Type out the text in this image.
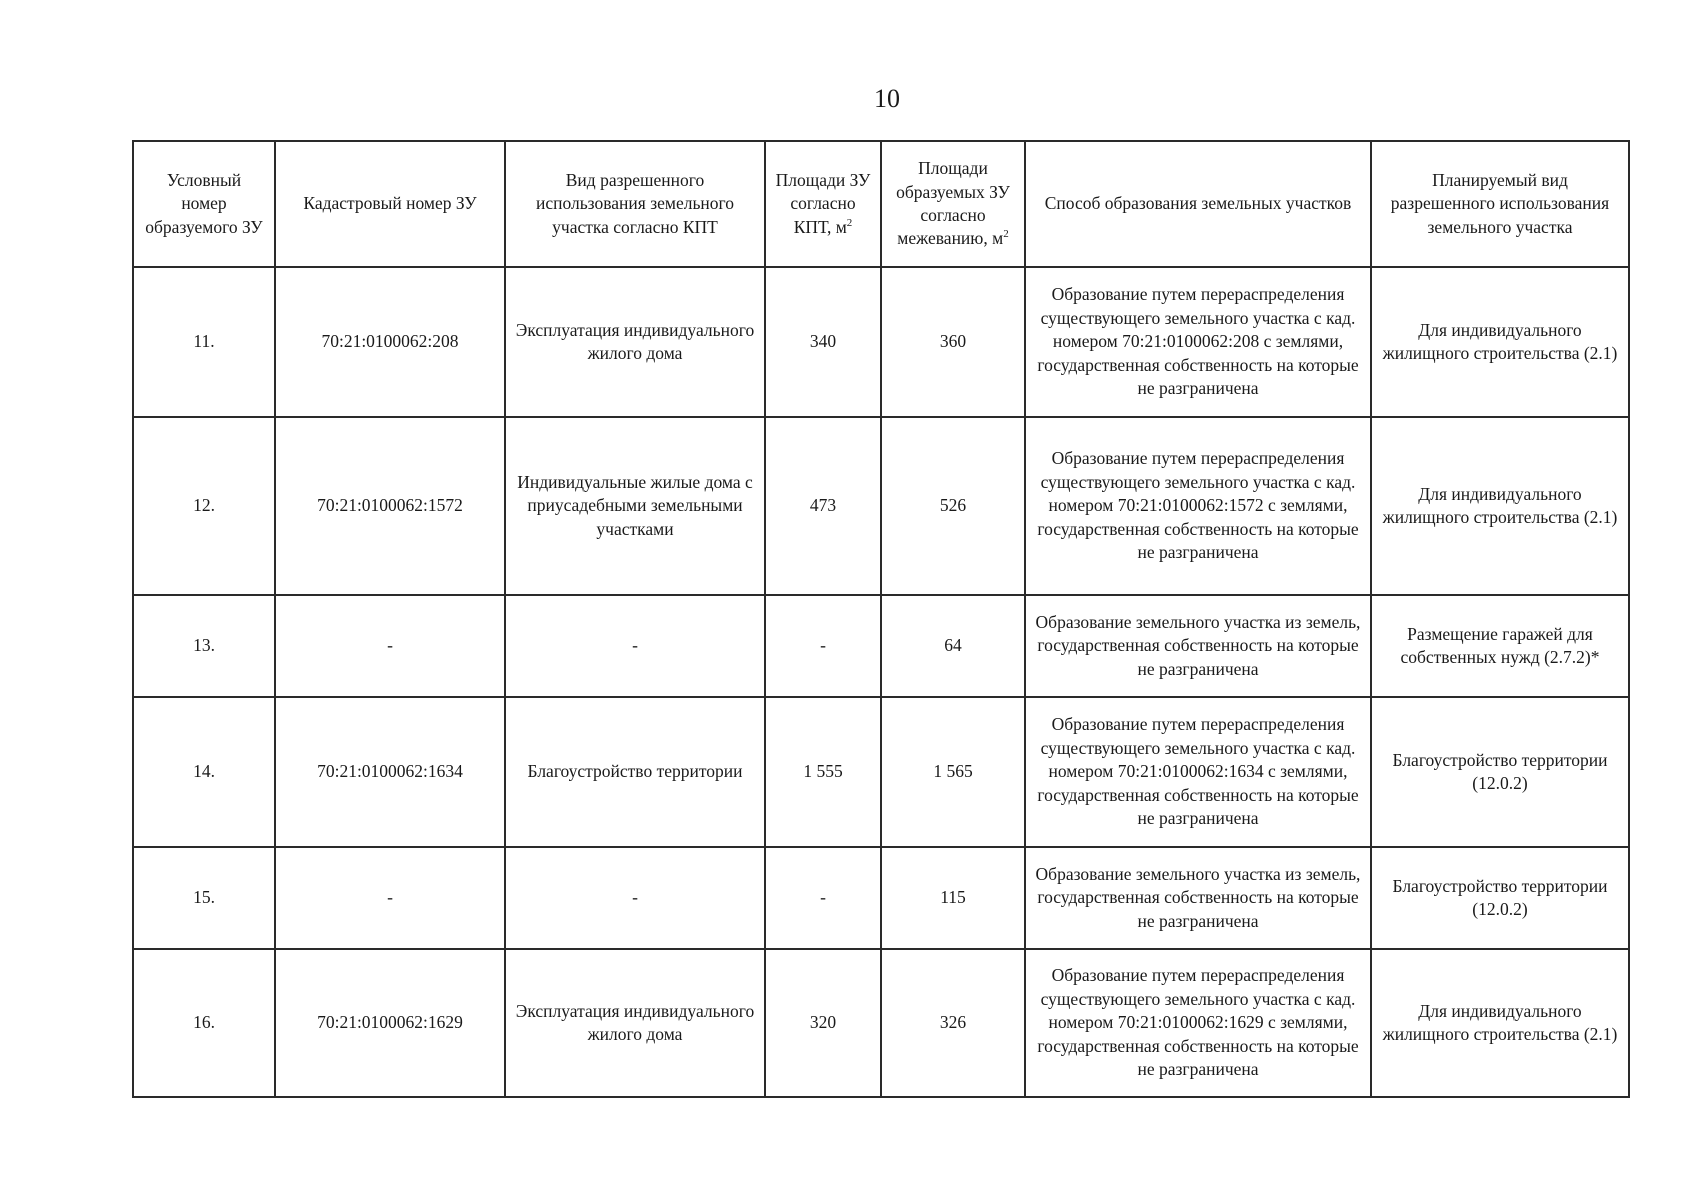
10
Условный номер образуемого ЗУ	Кадастровый номер ЗУ	Вид разрешенного использования земельного участка согласно КПТ	Площади ЗУ согласно КПТ, $м^2$	Площади образуемых ЗУ согласно межеванию, $м^2$	Способ образования земельных участков	Планируемый вид разрешенного использования земельного участка
11.	70:21:0100062:208	Эксплуатация индивидуального жилого дома	340	360	Образование путем перераспределения существующего земельного участка с кад. номером 70:21:0100062:208 с землями, государственная собственность на которые не разграничена	Для индивидуального жилищного строительства (2.1)
12.	70:21:0100062:1572	Индивидуальные жилые дома с приусадебными земельными участками	473	526	Образование путем перераспределения существующего земельного участка с кад. номером 70:21:0100062:1572 с землями, государственная собственность на которые не разграничена	Для индивидуального жилищного строительства (2.1)
13.	-	-	-	64	Образование земельного участка из земель, государственная собственность на которые не разграничена	Размещение гаражей для собственных нужд (2.7.2)*
14.	70:21:0100062:1634	Благоустройство территории	1 555	1 565	Образование путем перераспределения существующего земельного участка с кад. номером 70:21:0100062:1634 с землями, государственная собственность на которые не разграничена	Благоустройство территории (12.0.2)
15.	-	-	-	115	Образование земельного участка из земель, государственная собственность на которые не разграничена	Благоустройство территории (12.0.2)
16.	70:21:0100062:1629	Эксплуатация индивидуального жилого дома	320	326	Образование путем перераспределения существующего земельного участка с кад. номером 70:21:0100062:1629 с землями, государственная собственность на которые не разграничена	Для индивидуального жилищного строительства (2.1)
